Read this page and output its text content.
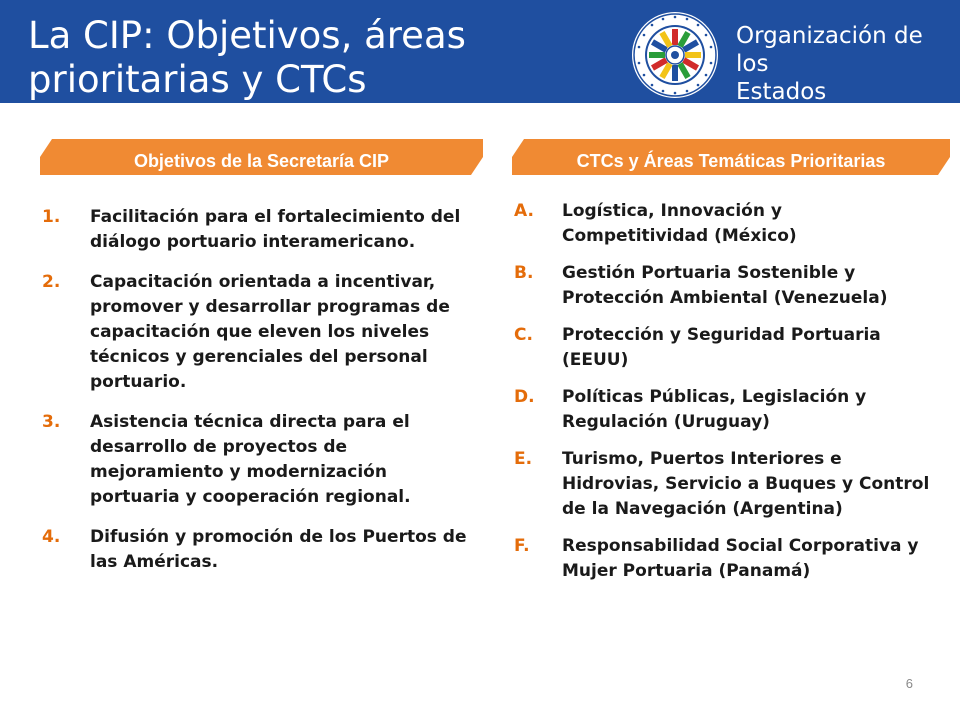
La CIP: Objetivos, áreas
prioritarias y CTCs
Organización de los
Estados Americanos
Objetivos de la Secretaría CIP	CTCs y Áreas Temáticas Prioritarias
1. Facilitación para el fortalecimiento del diálogo portuario interamericano.
2. Capacitación orientada a incentivar, promover y desarrollar programas de capacitación que eleven los niveles técnicos y gerenciales del personal portuario.
3. Asistencia técnica directa para el desarrollo de proyectos de mejoramiento y modernización portuaria y cooperación regional.
4. Difusión y promoción de los Puertos de las Américas.
A. Logística, Innovación y Competitividad (México)
B. Gestión Portuaria Sostenible y Protección Ambiental (Venezuela)
C. Protección y Seguridad Portuaria (EEUU)
D. Políticas Públicas, Legislación y Regulación (Uruguay)
E. Turismo, Puertos Interiores e Hidrovias, Servicio a Buques y Control de la Navegación (Argentina)
F. Responsabilidad Social Corporativa y Mujer Portuaria (Panamá)
6
